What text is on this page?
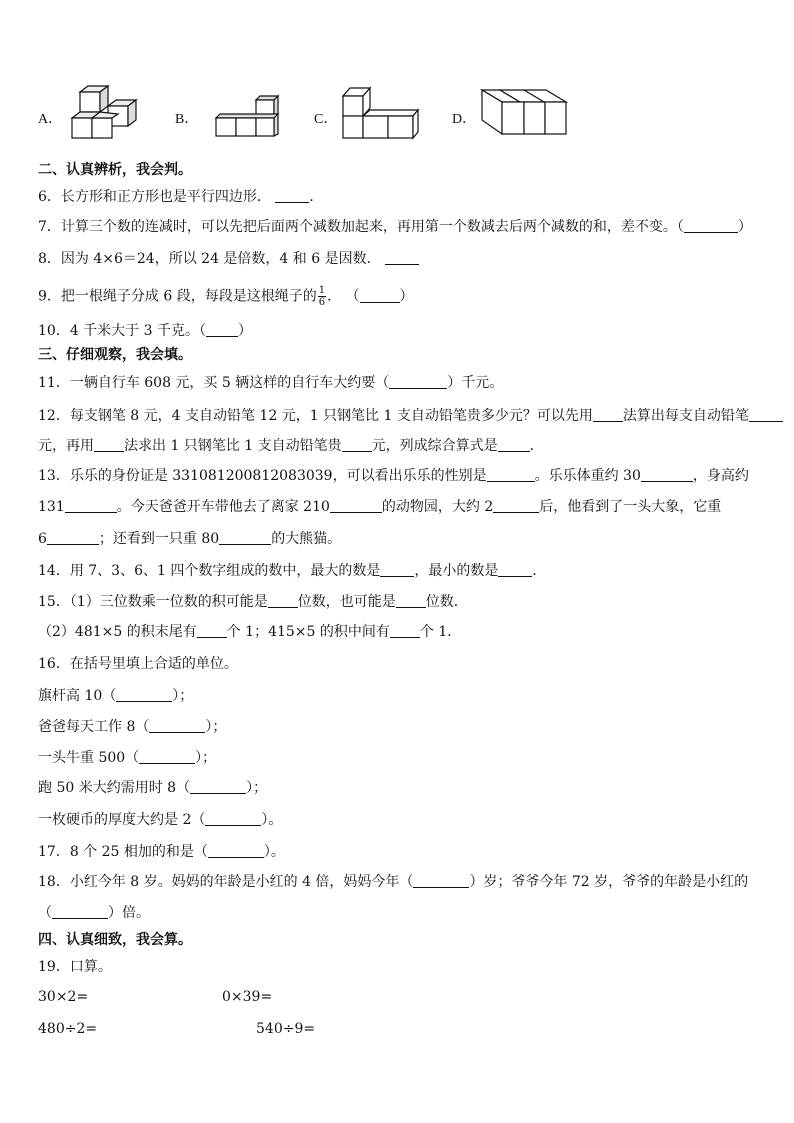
A．	B．	C．	D．
二、认真辨析，我会判。
6．长方形和正方形也是平行四边形．	．
7．计算三个数的连减时，可以先把后面两个减数加起来，再用第一个数减去后两个减数的和，差不变。（	）
8．因为 4×6＝24，所以 24 是倍数，4 和 6 是因数．
9．把一根绳子分成 6 段，每段是这根绳子的 $\frac{1}{6}$ ． （	）
10．4 千米大于 3 千克。（ ）
三、仔细观察，我会填。
11．一辆自行车 608 元，买 5 辆这样的自行车大约要（	）千元。
12．每支钢笔 8 元，4 支自动铅笔 12 元，1 只钢笔比 1 支自动铅笔贵多少元？可以先用 法算出每支自动铅笔
元，再用 法求出 1 只钢笔比 1 支自动铅笔贵 元，列成综合算式是 ．
13．乐乐的身份证是 331081200812083039，可以看出乐乐的性别是	。乐乐体重约 30	，身高约
131	。今天爸爸开车带他去了离家 210	的动物园，大约 2	后，他看到了一头大象，它重
6	；还看到一只重 80	的大熊猫。
14．用 7、3、6、1 四个数字组成的数中，最大的数是 ，最小的数是 ．
15．（1）三位数乘一位数的积可能是 位数，也可能是 位数．
（2）481×5 的积末尾有 个 1；415×5 的积中间有 个 1．
16．在括号里填上合适的单位。
旗杆高 10（	）；
爸爸每天工作 8（	）；
一头牛重 500（	）；
跑 50 米大约需用时 8（	）；
一枚硬币的厚度大约是 2（	）。
17．8 个 25 相加的和是（	）。
18．小红今年 8 岁。妈妈的年龄是小红的 4 倍，妈妈今年（	）岁；爷爷今年 72 岁，爷爷的年龄是小红的
（	）倍。
四、认真细致，我会算。
19．口算。
30×2=	0×39=
480÷2=	540÷9=
